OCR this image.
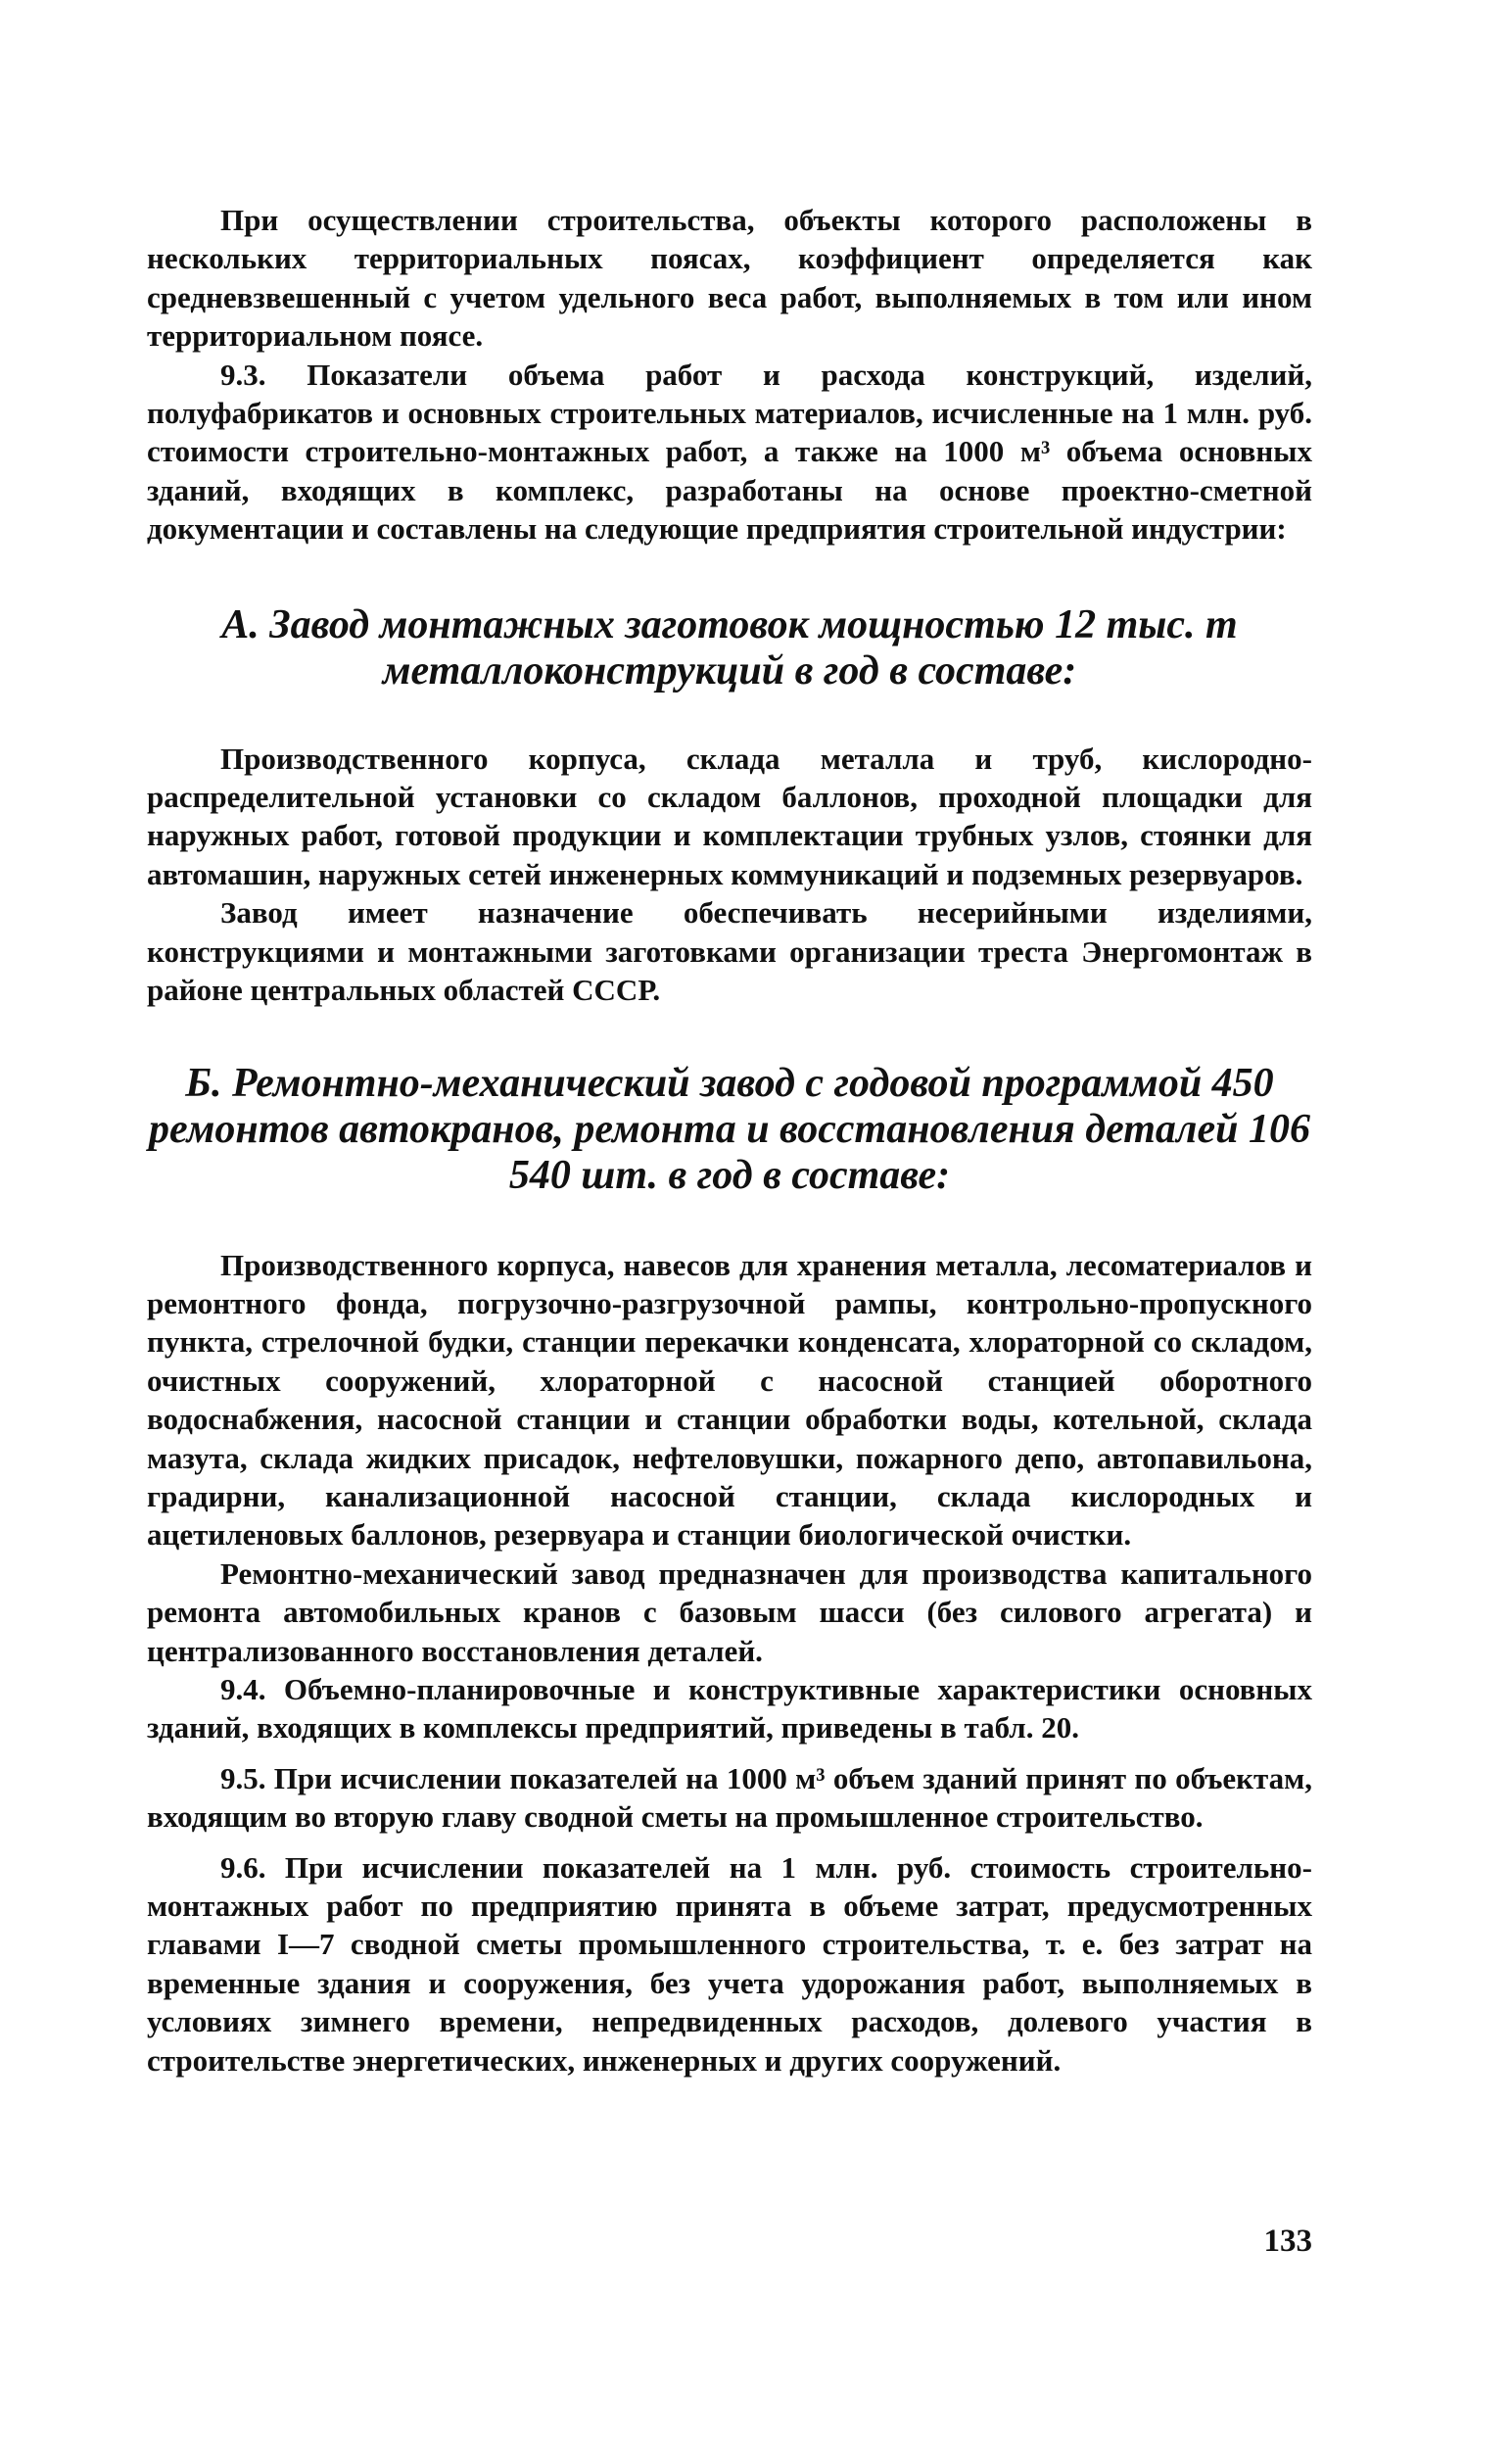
При осуществлении строительства, объекты которого расположены в нескольких территориальных поясах, коэффициент определяется как средневзвешенный с учетом удельного веса работ, выполняемых в том или ином территориальном поясе.

9.3. Показатели объема работ и расхода конструкций, изделий, полуфабрикатов и основных строительных материалов, исчисленные на 1 млн. руб. стоимости строительно-монтажных работ, а также на 1000 м³ объема основных зданий, входящих в комплекс, разработаны на основе проектно-сметной документации и составлены на следующие предприятия строительной индустрии:

А. Завод монтажных заготовок мощностью 12 тыс. т металлоконструкций в год в составе:

Производственного корпуса, склада металла и труб, кислородно-распределительной установки со складом баллонов, проходной площадки для наружных работ, готовой продукции и комплектации трубных узлов, стоянки для автомашин, наружных сетей инженерных коммуникаций и подземных резервуаров.

Завод имеет назначение обеспечивать несерийными изделиями, конструкциями и монтажными заготовками организации треста Энергомонтаж в районе центральных областей СССР.

Б. Ремонтно-механический завод с годовой программой 450 ремонтов автокранов, ремонта и восстановления деталей 106 540 шт. в год в составе:

Производственного корпуса, навесов для хранения металла, лесоматериалов и ремонтного фонда, погрузочно-разгрузочной рампы, контрольно-пропускного пункта, стрелочной будки, станции перекачки конденсата, хлораторной со складом, очистных сооружений, хлораторной с насосной станцией оборотного водоснабжения, насосной станции и станции обработки воды, котельной, склада мазута, склада жидких присадок, нефтеловушки, пожарного депо, автопавильона, градирни, канализационной насосной станции, склада кислородных и ацетиленовых баллонов, резервуара и станции биологической очистки.

Ремонтно-механический завод предназначен для производства капитального ремонта автомобильных кранов с базовым шасси (без силового агрегата) и централизованного восстановления деталей.

9.4. Объемно-планировочные и конструктивные характеристики основных зданий, входящих в комплексы предприятий, приведены в табл. 20.

9.5. При исчислении показателей на 1000 м³ объем зданий принят по объектам, входящим во вторую главу сводной сметы на промышленное строительство.

9.6. При исчислении показателей на 1 млн. руб. стоимость строительно-монтажных работ по предприятию принята в объеме затрат, предусмотренных главами I—7 сводной сметы промышленного строительства, т. е. без затрат на временные здания и сооружения, без учета удорожания работ, выполняемых в условиях зимнего времени, непредвиденных расходов, долевого участия в строительстве энергетических, инженерных и других сооружений.

133
